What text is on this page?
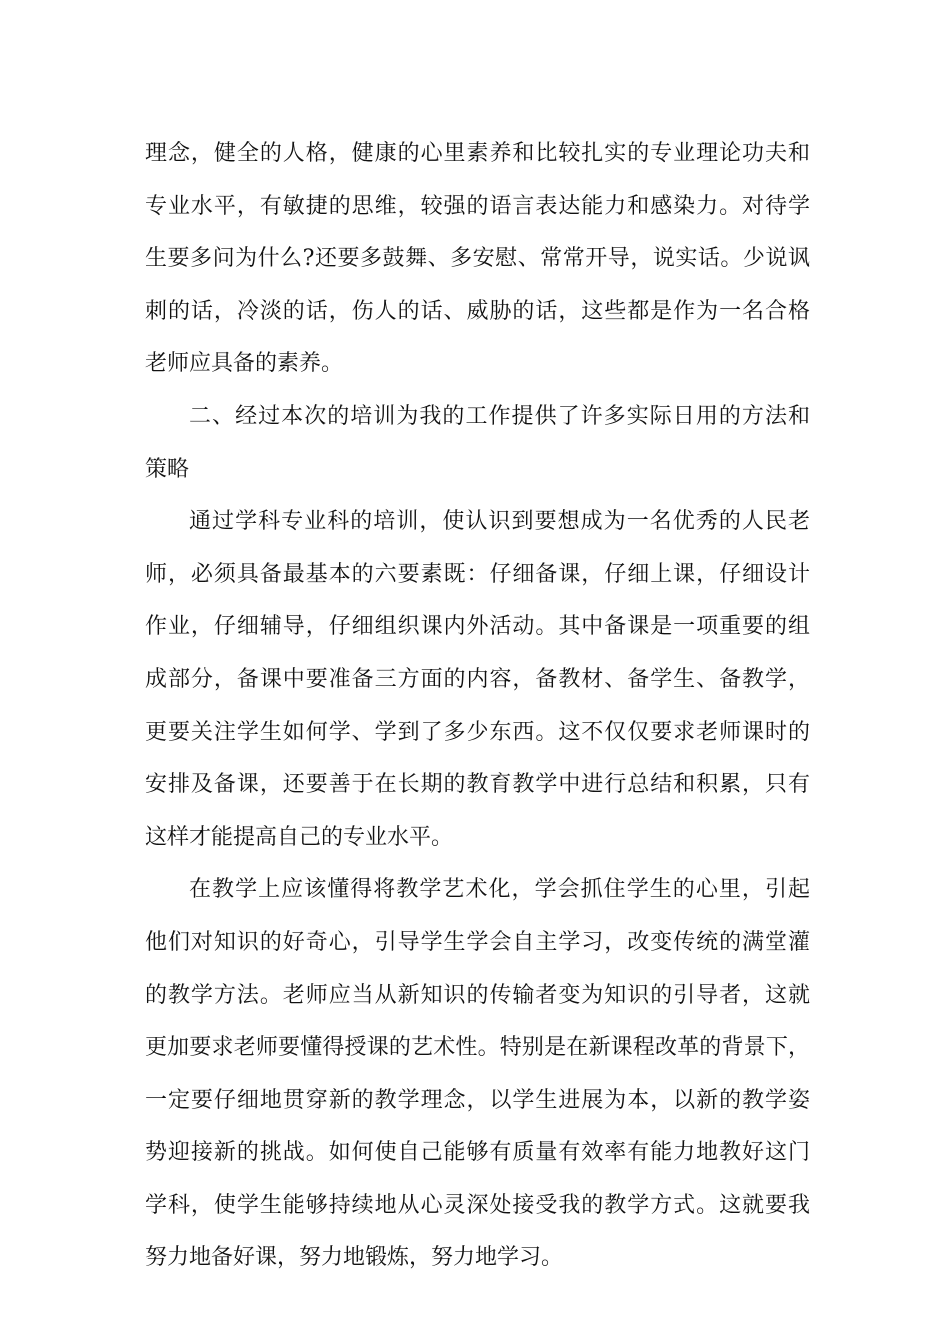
理念，健全的人格，健康的心里素养和比较扎实的专业理论功夫和
专业水平，有敏捷的思维，较强的语言表达能力和感染力。对待学
生要多问为什么?还要多鼓舞、多安慰、常常开导，说实话。少说讽
刺的话，冷淡的话，伤人的话、威胁的话，这些都是作为一名合格
老师应具备的素养。
二、经过本次的培训为我的工作提供了许多实际日用的方法和
策略
通过学科专业科的培训，使认识到要想成为一名优秀的人民老
师，必须具备最基本的六要素既：仔细备课，仔细上课，仔细设计
作业，仔细辅导，仔细组织课内外活动。其中备课是一项重要的组
成部分，备课中要准备三方面的内容，备教材、备学生、备教学，
更要关注学生如何学、学到了多少东西。这不仅仅要求老师课时的
安排及备课，还要善于在长期的教育教学中进行总结和积累，只有
这样才能提高自己的专业水平。
在教学上应该懂得将教学艺术化，学会抓住学生的心里，引起
他们对知识的好奇心，引导学生学会自主学习，改变传统的满堂灌
的教学方法。老师应当从新知识的传输者变为知识的引导者，这就
更加要求老师要懂得授课的艺术性。特别是在新课程改革的背景下，
一定要仔细地贯穿新的教学理念，以学生进展为本，以新的教学姿
势迎接新的挑战。如何使自己能够有质量有效率有能力地教好这门
学科，使学生能够持续地从心灵深处接受我的教学方式。这就要我
努力地备好课，努力地锻炼，努力地学习。
